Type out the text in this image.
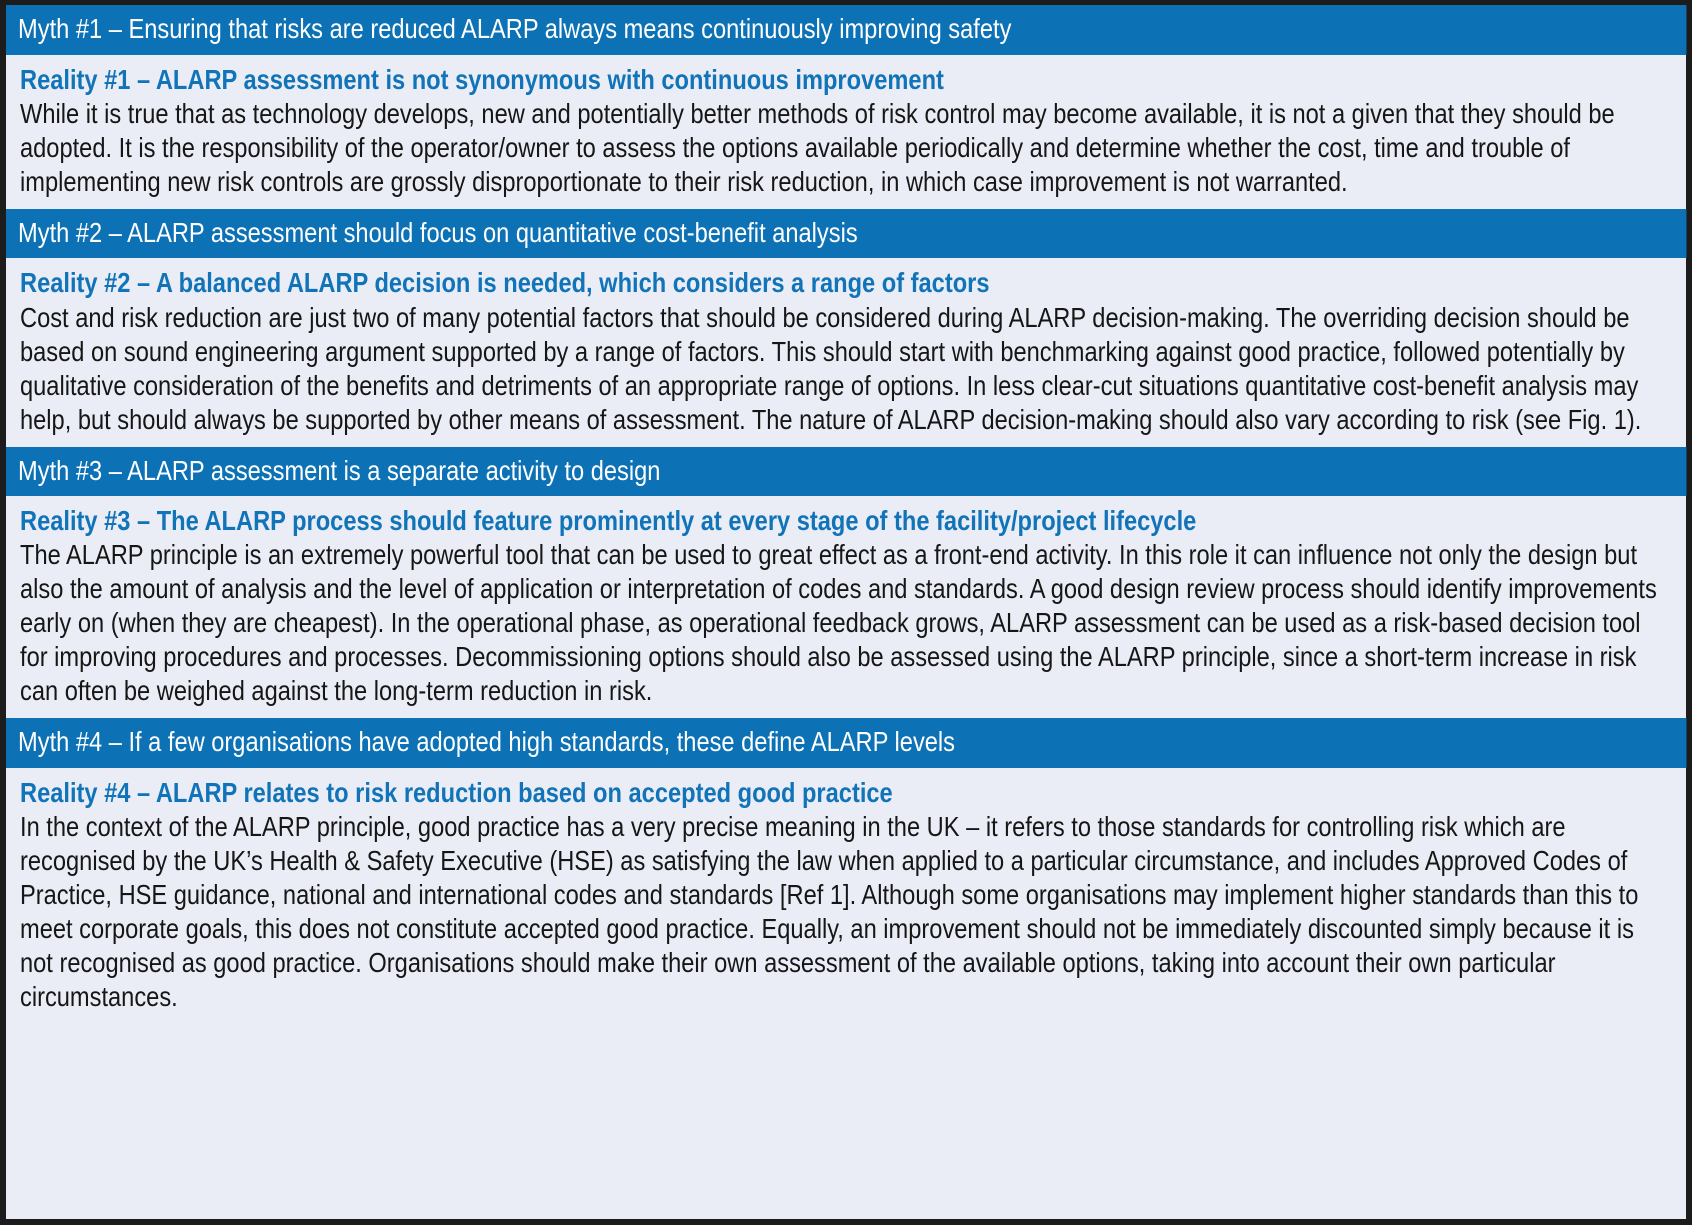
Myth #1 – Ensuring that risks are reduced ALARP always means continuously improving safety
Reality #1 – ALARP assessment is not synonymous with continuous improvement
While it is true that as technology develops, new and potentially better methods of risk control may become available, it is not a given that they should be adopted. It is the responsibility of the operator/owner to assess the options available periodically and determine whether the cost, time and trouble of implementing new risk controls are grossly disproportionate to their risk reduction, in which case improvement is not warranted.
Myth #2 – ALARP assessment should focus on quantitative cost-benefit analysis
Reality #2 – A balanced ALARP decision is needed, which considers a range of factors
Cost and risk reduction are just two of many potential factors that should be considered during ALARP decision-making. The overriding decision should be based on sound engineering argument supported by a range of factors. This should start with benchmarking against good practice, followed potentially by qualitative consideration of the benefits and detriments of an appropriate range of options. In less clear-cut situations quantitative cost-benefit analysis may help, but should always be supported by other means of assessment. The nature of ALARP decision-making should also vary according to risk (see Fig. 1).
Myth #3 – ALARP assessment is a separate activity to design
Reality #3 – The ALARP process should feature prominently at every stage of the facility/project lifecycle
The ALARP principle is an extremely powerful tool that can be used to great effect as a front-end activity. In this role it can influence not only the design but also the amount of analysis and the level of application or interpretation of codes and standards. A good design review process should identify improvements early on (when they are cheapest). In the operational phase, as operational feedback grows, ALARP assessment can be used as a risk-based decision tool for improving procedures and processes. Decommissioning options should also be assessed using the ALARP principle, since a short-term increase in risk can often be weighed against the long-term reduction in risk.
Myth #4 – If a few organisations have adopted high standards, these define ALARP levels
Reality #4 – ALARP relates to risk reduction based on accepted good practice
In the context of the ALARP principle, good practice has a very precise meaning in the UK – it refers to those standards for controlling risk which are recognised by the UK’s Health & Safety Executive (HSE) as satisfying the law when applied to a particular circumstance, and includes Approved Codes of Practice, HSE guidance, national and international codes and standards [Ref 1]. Although some organisations may implement higher standards than this to meet corporate goals, this does not constitute accepted good practice. Equally, an improvement should not be immediately discounted simply because it is not recognised as good practice. Organisations should make their own assessment of the available options, taking into account their own particular circumstances.
